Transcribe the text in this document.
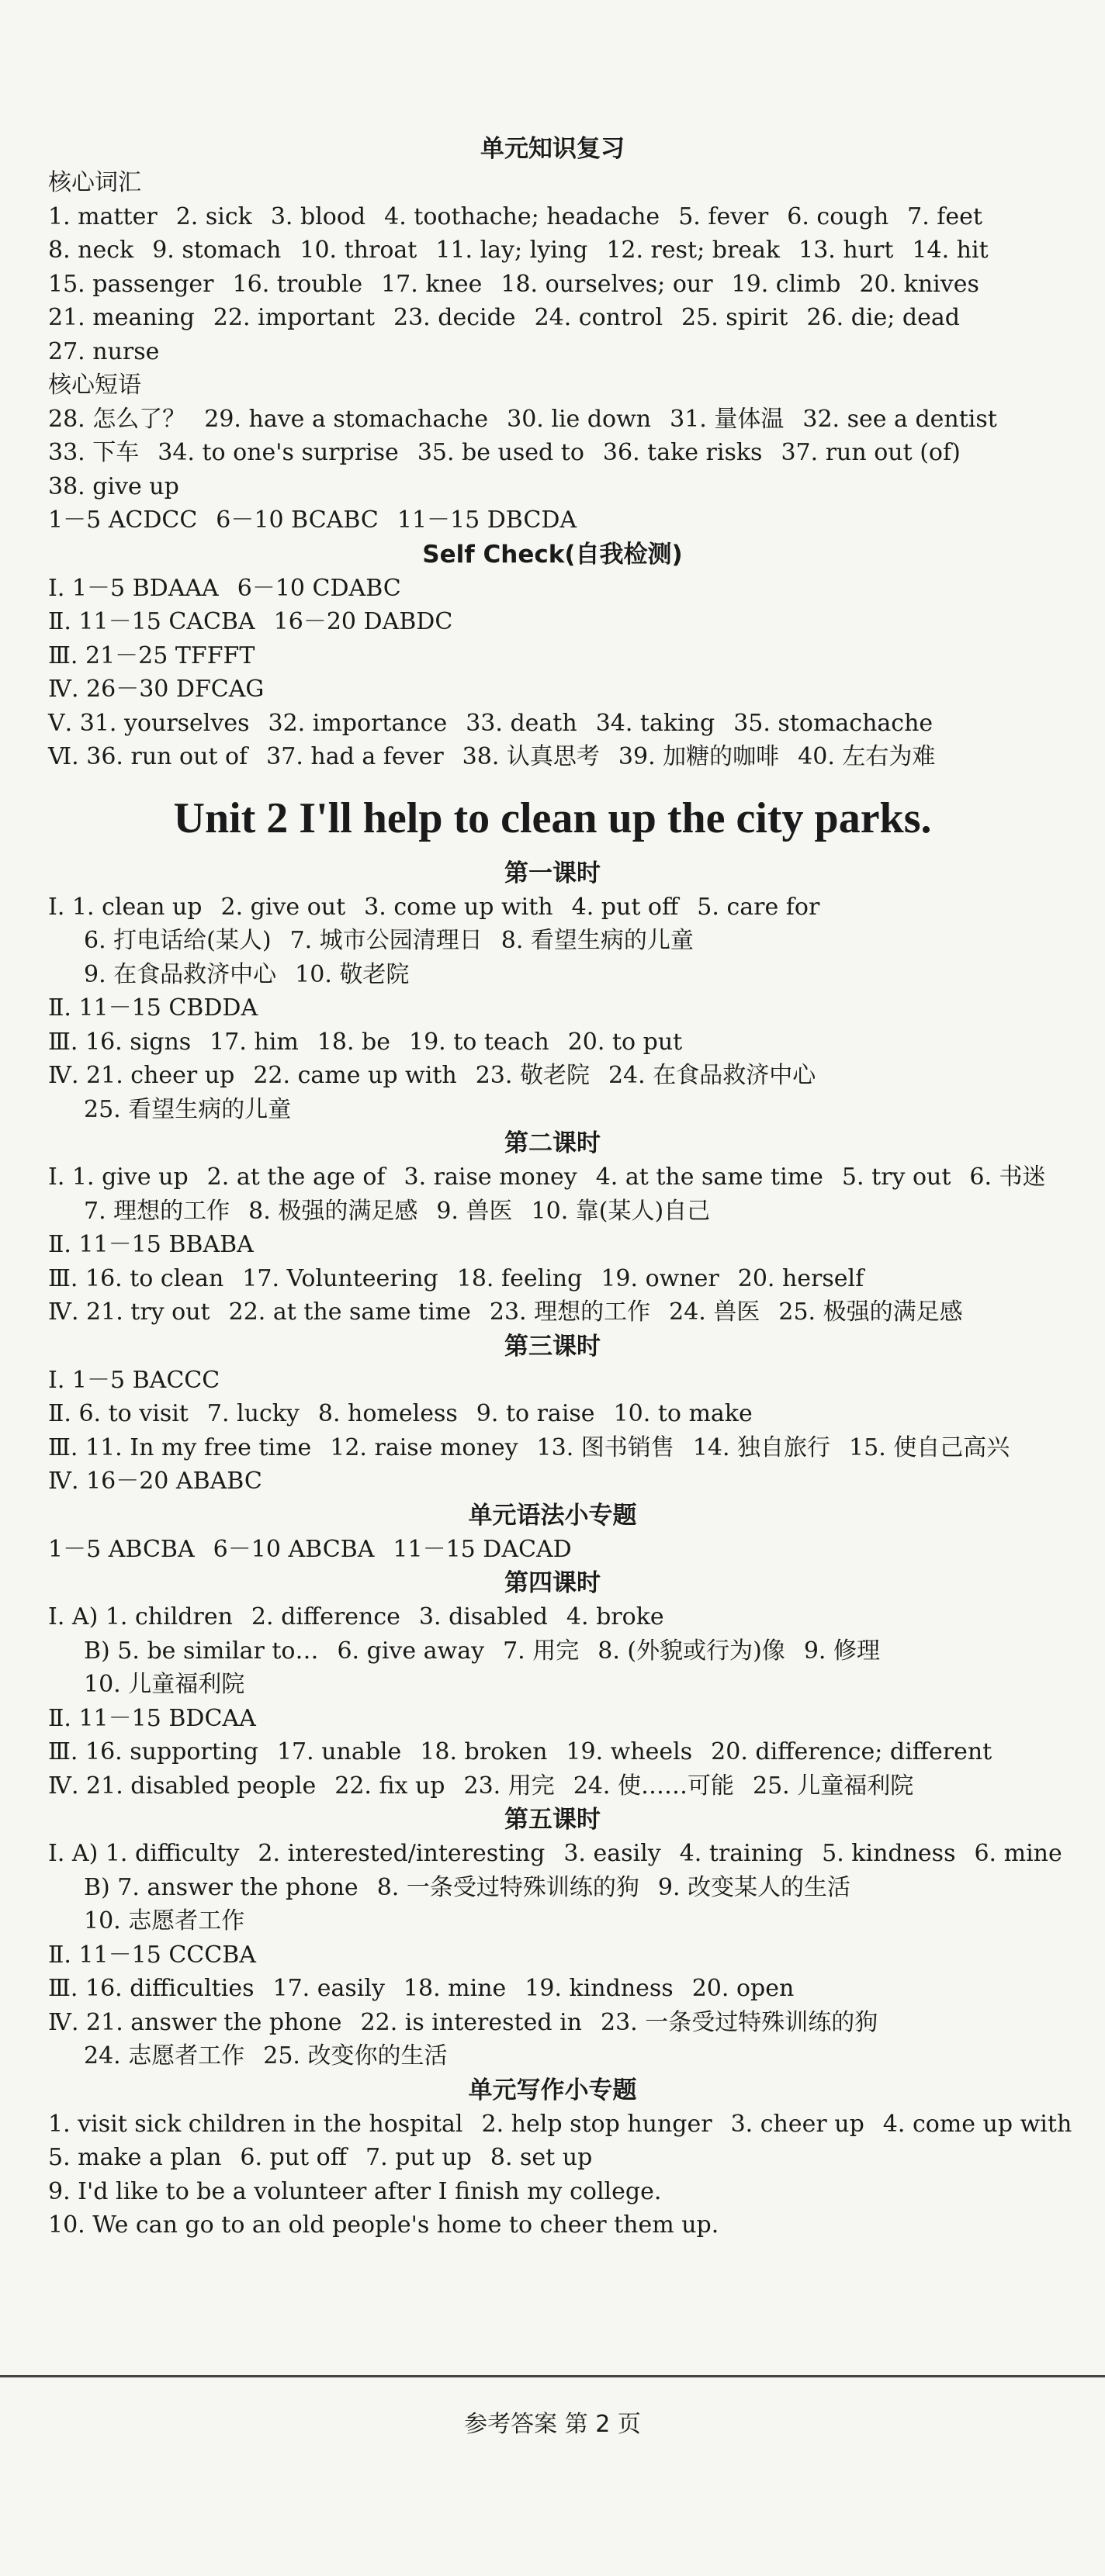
单元知识复习
核心词汇
1. matter 2. sick 3. blood 4. toothache; headache 5. fever 6. cough 7. feet
8. neck 9. stomach 10. throat 11. lay; lying 12. rest; break 13. hurt 14. hit
15. passenger 16. trouble 17. knee 18. ourselves; our 19. climb 20. knives
21. meaning 22. important 23. decide 24. control 25. spirit 26. die; dead
27. nurse
核心短语
28. 怎么了？ 29. have a stomachache 30. lie down 31. 量体温 32. see a dentist
33. 下车 34. to one's surprise 35. be used to 36. take risks 37. run out (of)
38. give up
1－5 ACDCC 6－10 BCABC 11－15 DBCDA
Self Check(自我检测)
Ⅰ. 1－5 BDAAA 6－10 CDABC
Ⅱ. 11－15 CACBA 16－20 DABDC
Ⅲ. 21－25 TFFFT
Ⅳ. 26－30 DFCAG
Ⅴ. 31. yourselves 32. importance 33. death 34. taking 35. stomachache
Ⅵ. 36. run out of 37. had a fever 38. 认真思考 39. 加糖的咖啡 40. 左右为难
Unit 2 I'll help to clean up the city parks.
第一课时
Ⅰ. 1. clean up 2. give out 3. come up with 4. put off 5. care for
6. 打电话给(某人) 7. 城市公园清理日 8. 看望生病的儿童
9. 在食品救济中心 10. 敬老院
Ⅱ. 11－15 CBDDA
Ⅲ. 16. signs 17. him 18. be 19. to teach 20. to put
Ⅳ. 21. cheer up 22. came up with 23. 敬老院 24. 在食品救济中心
25. 看望生病的儿童
第二课时
Ⅰ. 1. give up 2. at the age of 3. raise money 4. at the same time 5. try out 6. 书迷
7. 理想的工作 8. 极强的满足感 9. 兽医 10. 靠(某人)自己
Ⅱ. 11－15 BBABA
Ⅲ. 16. to clean 17. Volunteering 18. feeling 19. owner 20. herself
Ⅳ. 21. try out 22. at the same time 23. 理想的工作 24. 兽医 25. 极强的满足感
第三课时
Ⅰ. 1－5 BACCC
Ⅱ. 6. to visit 7. lucky 8. homeless 9. to raise 10. to make
Ⅲ. 11. In my free time 12. raise money 13. 图书销售 14. 独自旅行 15. 使自己高兴
Ⅳ. 16－20 ABABC
单元语法小专题
1－5 ABCBA 6－10 ABCBA 11－15 DACAD
第四课时
Ⅰ. A) 1. children 2. difference 3. disabled 4. broke
B) 5. be similar to… 6. give away 7. 用完 8. (外貌或行为)像 9. 修理
10. 儿童福利院
Ⅱ. 11－15 BDCAA
Ⅲ. 16. supporting 17. unable 18. broken 19. wheels 20. difference; different
Ⅳ. 21. disabled people 22. fix up 23. 用完 24. 使……可能 25. 儿童福利院
第五课时
Ⅰ. A) 1. difficulty 2. interested/interesting 3. easily 4. training 5. kindness 6. mine
B) 7. answer the phone 8. 一条受过特殊训练的狗 9. 改变某人的生活
10. 志愿者工作
Ⅱ. 11－15 CCCBA
Ⅲ. 16. difficulties 17. easily 18. mine 19. kindness 20. open
Ⅳ. 21. answer the phone 22. is interested in 23. 一条受过特殊训练的狗
24. 志愿者工作 25. 改变你的生活
单元写作小专题
1. visit sick children in the hospital 2. help stop hunger 3. cheer up 4. come up with
5. make a plan 6. put off 7. put up 8. set up
9. I'd like to be a volunteer after I finish my college.
10. We can go to an old people's home to cheer them up.
参考答案 第 2 页
